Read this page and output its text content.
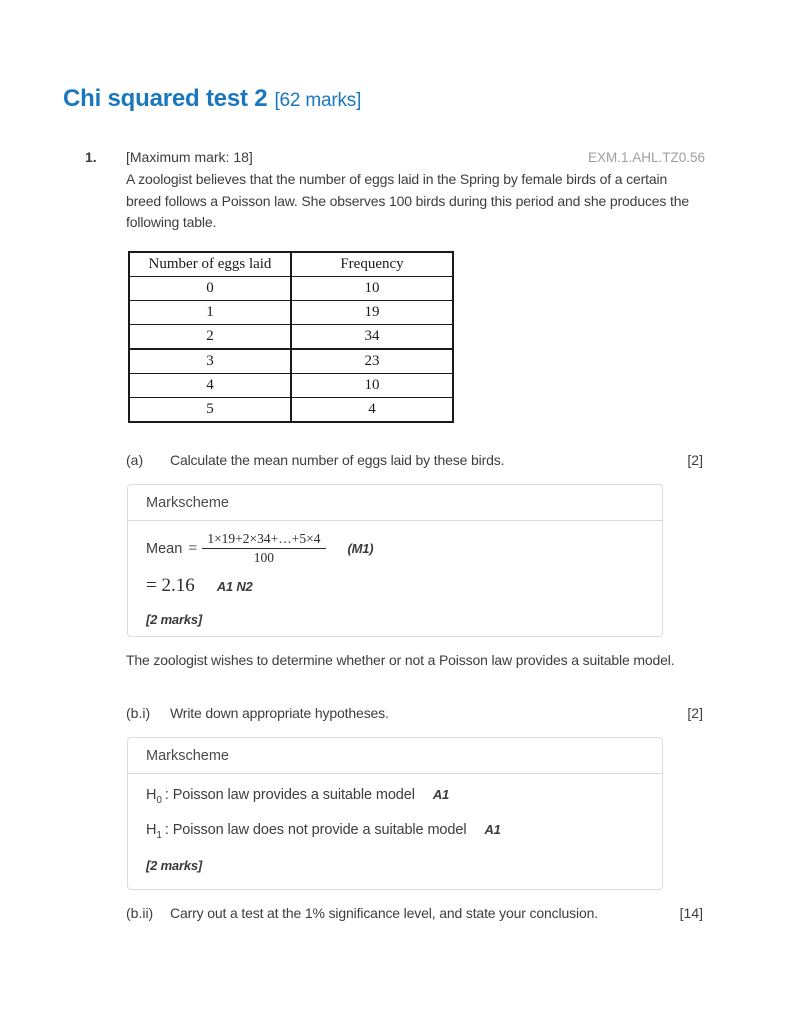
Chi squared test 2 [62 marks]
1. [Maximum mark: 18]	EXM.1.AHL.TZ0.56
A zoologist believes that the number of eggs laid in the Spring by female birds of a certain
breed follows a Poisson law. She observes 100 birds during this period and she produces the
following table.
Number of eggs laid	Frequency
0	10
1	19
2	34
3	23
4	10
5	4
(a) Calculate the mean number of eggs laid by these birds.	[2]
Markscheme
Mean = $\frac{1\times 19+2\times 34+\dots+5\times 4}{100} (M1)$
= 2.16 A1 N2
[2 marks]
The zoologist wishes to determine whether or not a Poisson law provides a suitable model.
(b.i) Write down appropriate hypotheses.	[2]
Markscheme
$H_0$ : Poisson law provides a suitable model A1
$H_1$ : Poisson law does not provide a suitable model A1
[2 marks]
(b.ii) Carry out a test at the 1% significance level, and state your conclusion.	[14]
